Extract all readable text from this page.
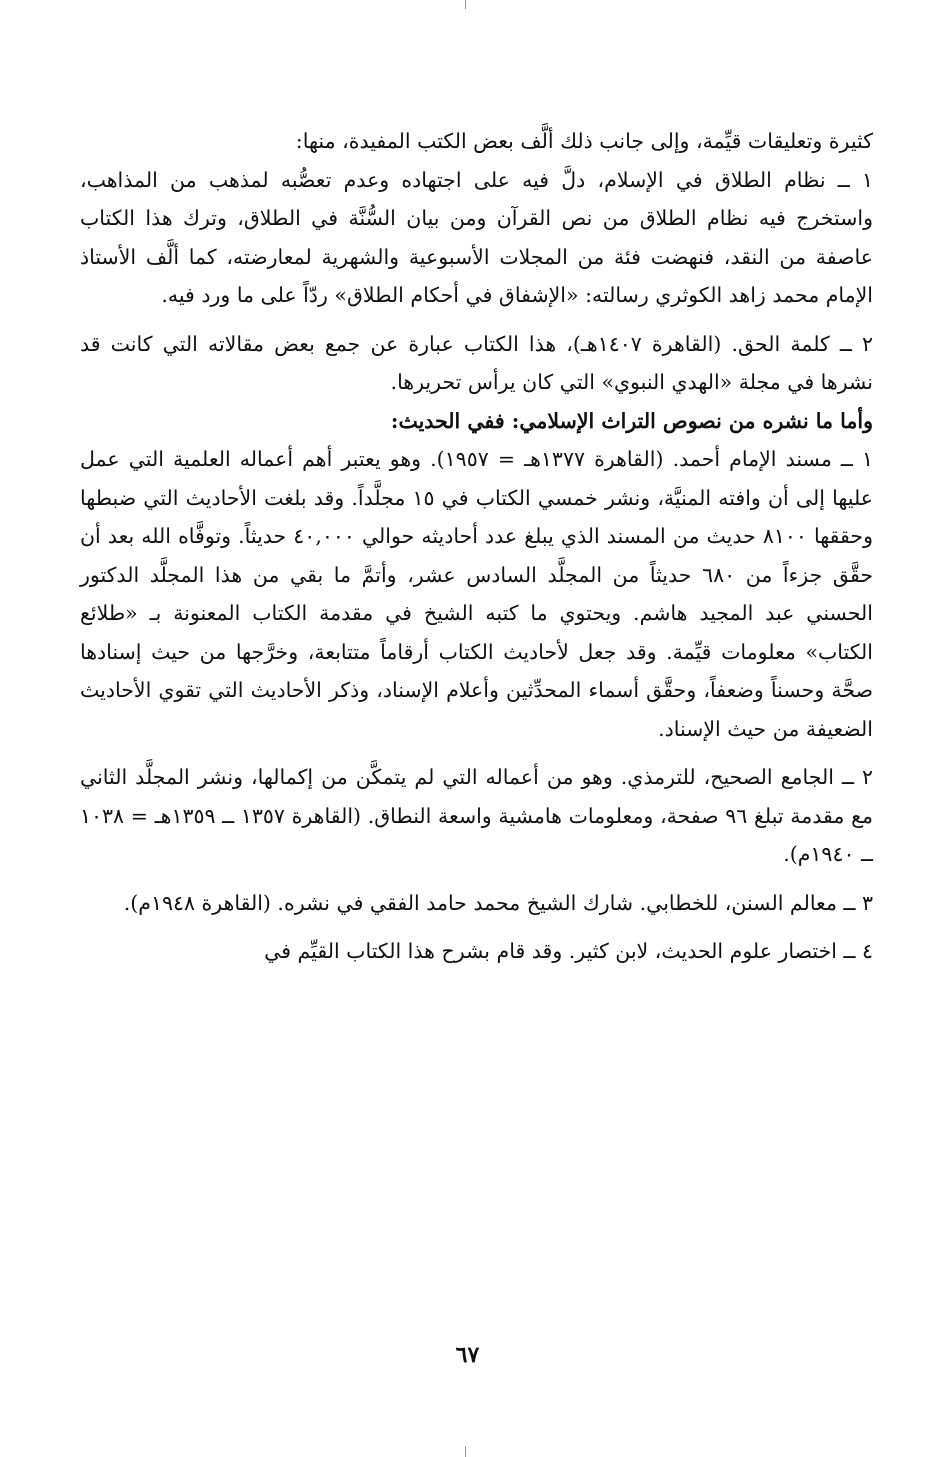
كثيرة وتعليقات قيِّمة، وإلى جانب ذلك ألَّف بعض الكتب المفيدة، منها:

١ ــ نظام الطلاق في الإسلام، دلَّ فيه على اجتهاده وعدم تعصُّبه لمذهب من المذاهب، واستخرج فيه نظام الطلاق من نص القرآن ومن بيان السُّنَّة في الطلاق، وترك هذا الكتاب عاصفة من النقد، فنهضت فئة من المجلات الأسبوعية والشهرية لمعارضته، كما ألَّف الأستاذ الإمام محمد زاهد الكوثري رسالته: «الإشفاق في أحكام الطلاق» ردّاً على ما ورد فيه.

٢ ــ كلمة الحق. (القاهرة ١٤٠٧هـ)، هذا الكتاب عبارة عن جمع بعض مقالاته التي كانت قد نشرها في مجلة «الهدي النبوي» التي كان يرأس تحريرها.

وأما ما نشره من نصوص التراث الإسلامي: ففي الحديث:

١ ــ مسند الإمام أحمد. (القاهرة ١٣٧٧هـ = ١٩٥٧). وهو يعتبر أهم أعماله العلمية التي عمل عليها إلى أن وافته المنيَّة، ونشر خمسي الكتاب في ١٥ مجلَّداً. وقد بلغت الأحاديث التي ضبطها وحققها ٨١٠٠ حديث من المسند الذي يبلغ عدد أحاديثه حوالي ٤٠,٠٠٠ حديثاً. وتوفَّاه الله بعد أن حقَّق جزءاً من ٦٨٠ حديثاً من المجلَّد السادس عشر، وأتمَّ ما بقي من هذا المجلَّد الدكتور الحسني عبد المجيد هاشم. ويحتوي ما كتبه الشيخ في مقدمة الكتاب المعنونة بـ «طلائع الكتاب» معلومات قيِّمة. وقد جعل لأحاديث الكتاب أرقاماً متتابعة، وخرَّجها من حيث إسنادها صحَّة وحسناً وضعفاً، وحقَّق أسماء المحدِّثين وأعلام الإسناد، وذكر الأحاديث التي تقوي الأحاديث الضعيفة من حيث الإسناد.

٢ ــ الجامع الصحيح، للترمذي. وهو من أعماله التي لم يتمكَّن من إكمالها، ونشر المجلَّد الثاني مع مقدمة تبلغ ٩٦ صفحة، ومعلومات هامشية واسعة النطاق. (القاهرة ١٣٥٧ ــ ١٣٥٩هـ = ١٠٣٨ ــ ١٩٤٠م).

٣ ــ معالم السنن، للخطابي. شارك الشيخ محمد حامد الفقي في نشره. (القاهرة ١٩٤٨م).

٤ ــ اختصار علوم الحديث، لابن كثير. وقد قام بشرح هذا الكتاب القيِّم في

٦٧
